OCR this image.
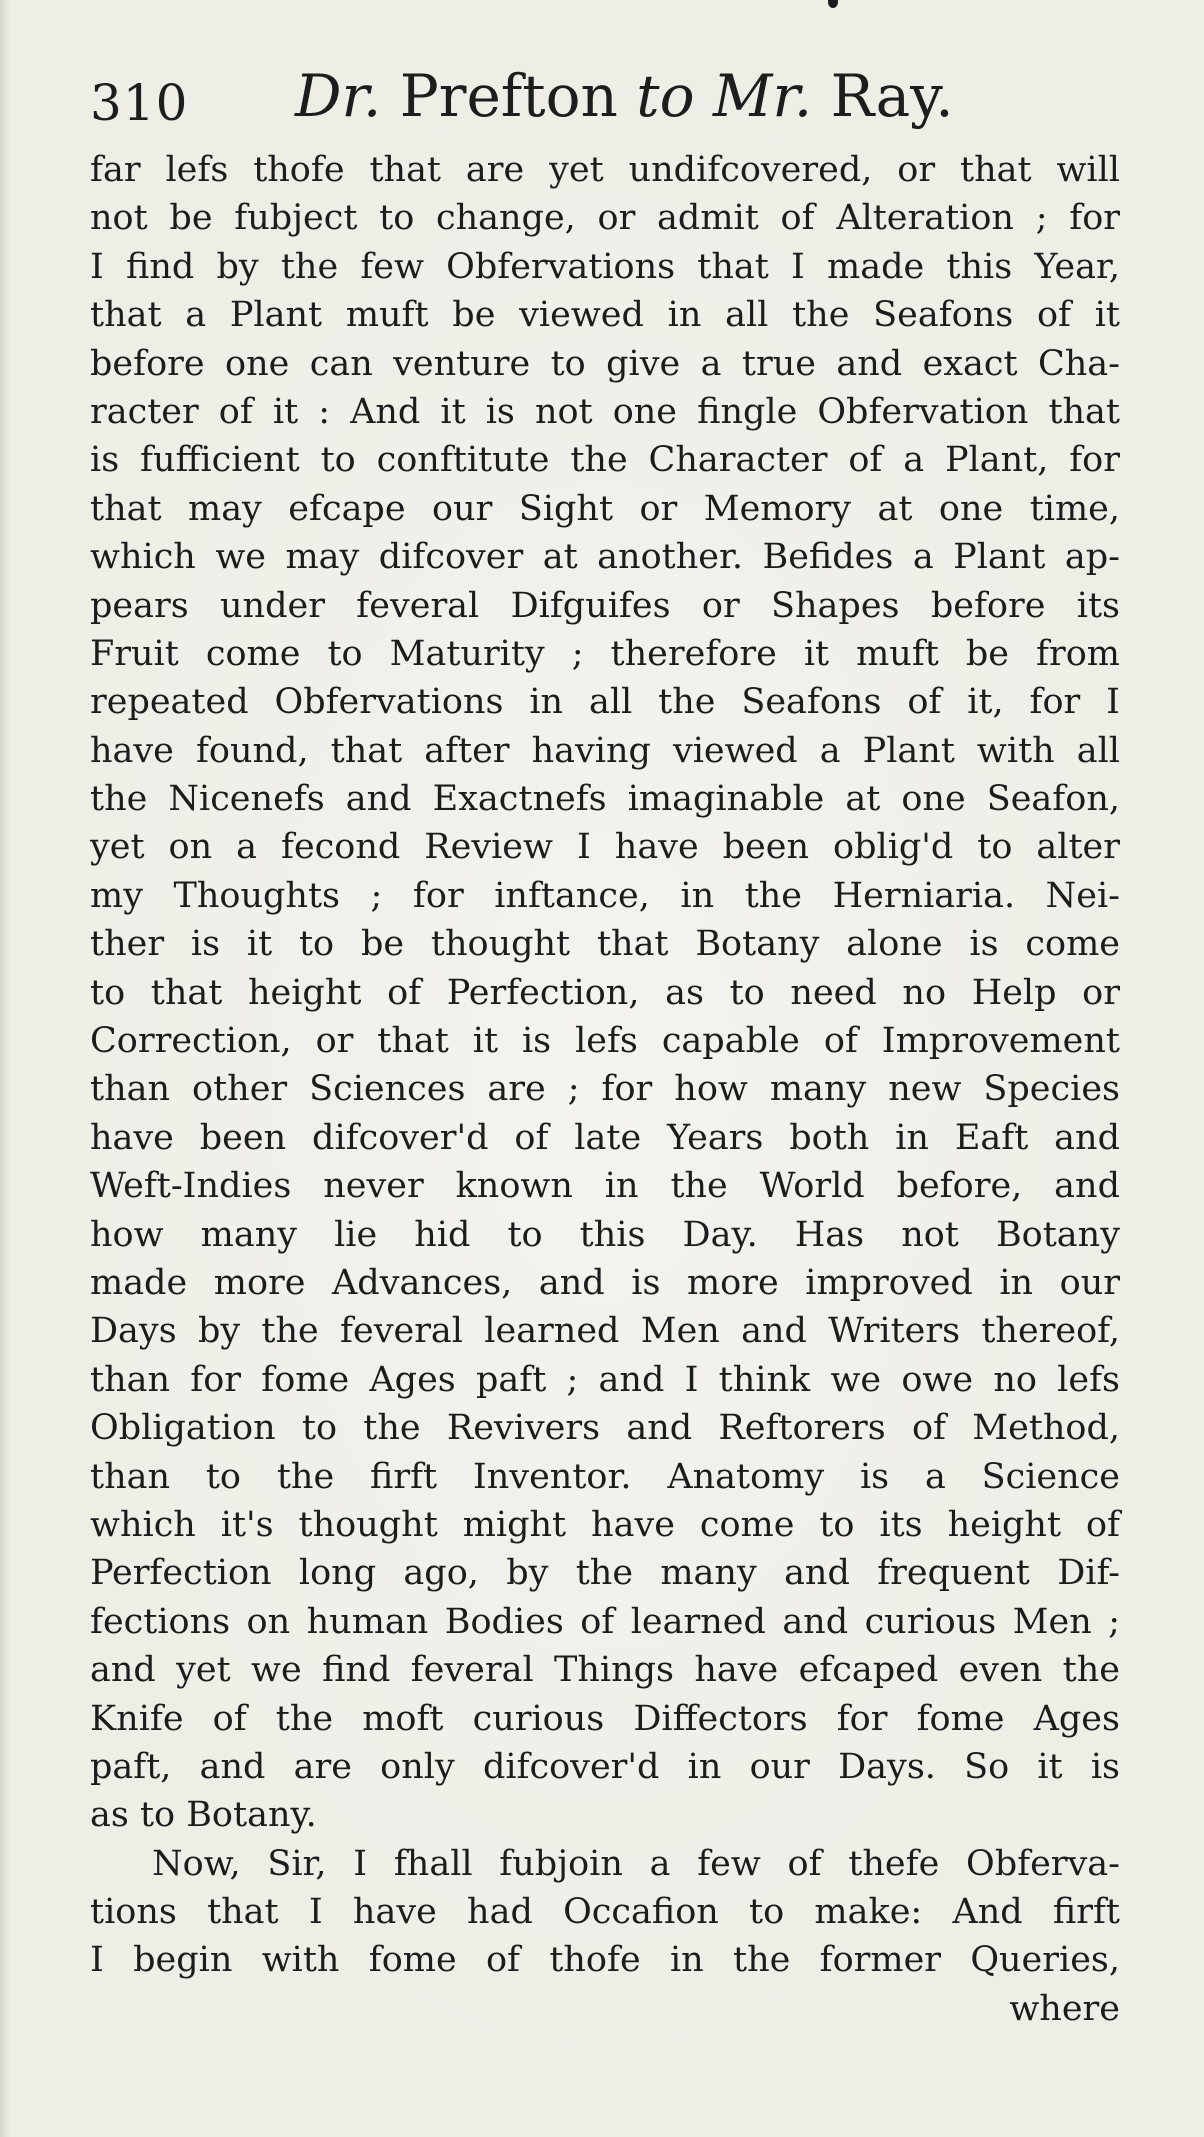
310 Dr. Prefton to Mr. Ray.
far lefs thofe that are yet undifcovered, or that will
not be fubject to change, or admit of Alteration ; for
I find by the few Obfervations that I made this Year,
that a Plant muft be viewed in all the Seafons of it
before one can venture to give a true and exact Cha-
racter of it : And it is not one fingle Obfervation that
is fufficient to conftitute the Character of a Plant, for
that may efcape our Sight or Memory at one time,
which we may difcover at another. Befides a Plant ap-
pears under feveral Difguifes or Shapes before its
Fruit come to Maturity ; therefore it muft be from
repeated Obfervations in all the Seafons of it, for I
have found, that after having viewed a Plant with all
the Nicenefs and Exactnefs imaginable at one Seafon,
yet on a fecond Review I have been oblig'd to alter
my Thoughts ; for inftance, in the Herniaria. Nei-
ther is it to be thought that Botany alone is come
to that height of Perfection, as to need no Help or
Correction, or that it is lefs capable of Improvement
than other Sciences are ; for how many new Species
have been difcover'd of late Years both in Eaft and
Weft-Indies never known in the World before, and
how many lie hid to this Day. Has not Botany
made more Advances, and is more improved in our
Days by the feveral learned Men and Writers thereof,
than for fome Ages paft ; and I think we owe no lefs
Obligation to the Revivers and Reftorers of Method,
than to the firft Inventor. Anatomy is a Science
which it's thought might have come to its height of
Perfection long ago, by the many and frequent Dif-
fections on human Bodies of learned and curious Men ;
and yet we find feveral Things have efcaped even the
Knife of the moft curious Diffectors for fome Ages
paft, and are only difcover'd in our Days. So it is
as to Botany.
Now, Sir, I fhall fubjoin a few of thefe Obferva-
tions that I have had Occafion to make: And firft
I begin with fome of thofe in the former Queries,
where
